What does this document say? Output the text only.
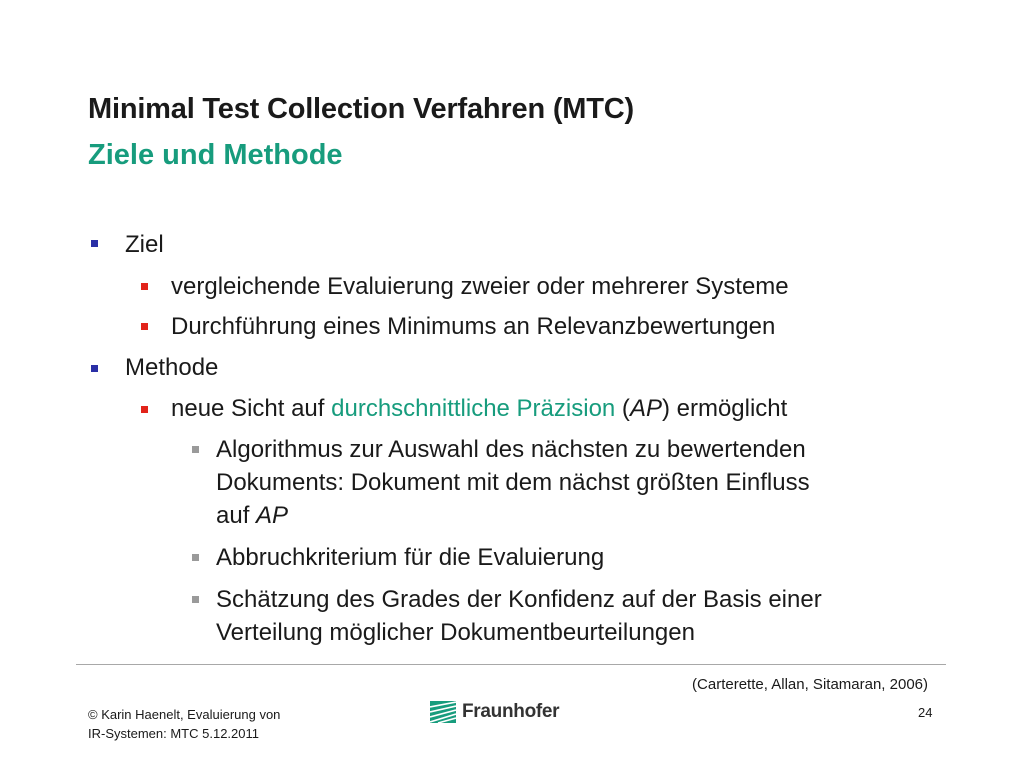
Minimal Test Collection Verfahren (MTC)
Ziele und Methode
Ziel
vergleichende Evaluierung zweier oder mehrerer Systeme
Durchführung eines Minimums an Relevanzbewertungen
Methode
neue Sicht auf durchschnittliche Präzision (AP) ermöglicht
Algorithmus zur Auswahl des nächsten zu bewertenden
Dokuments: Dokument mit dem nächst größten Einfluss
auf AP
Abbruchkriterium für die Evaluierung
Schätzung des Grades der Konfidenz auf der Basis einer
Verteilung möglicher Dokumentbeurteilungen
(Carterette, Allan, Sitamaran, 2006)
© Karin Haenelt, Evaluierung von
IR-Systemen: MTC 5.12.2011
Fraunhofer	24
